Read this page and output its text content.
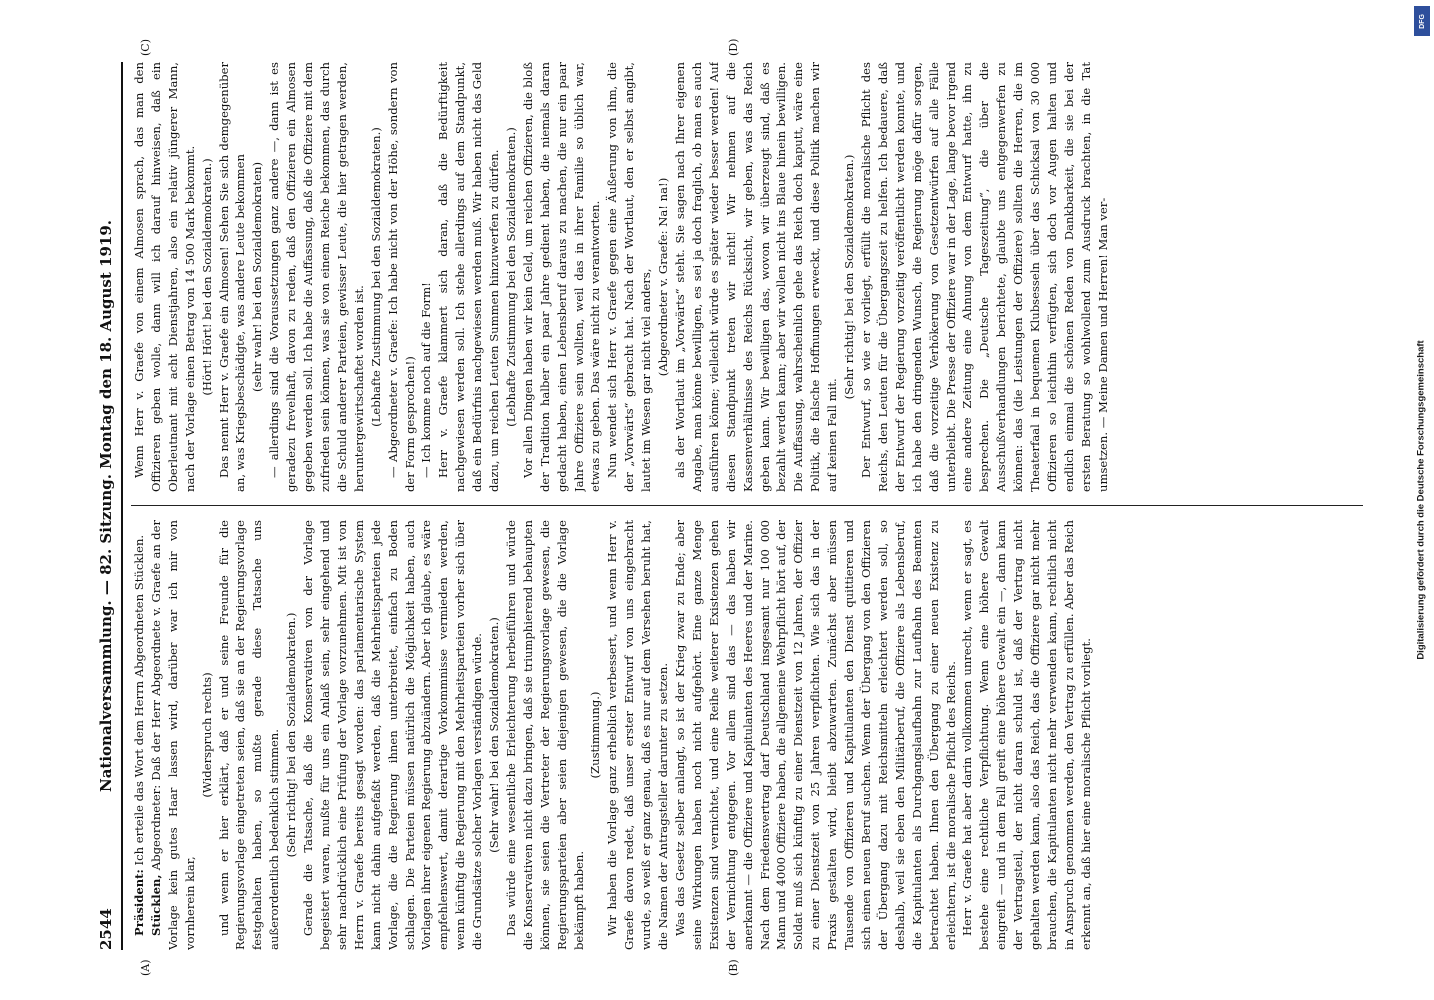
2544
Nationalversammlung. — 82. Sitzung. Montag den 18. August 1919.
(A)	(B)
(C)	(D)

Präsident: Ich erteile das Wort dem Herrn Abgeordneten Stücklen.

Stücklen, Abgeordneter: Daß der Herr Abgeordnete v. Graefe an der Vorlage kein gutes Haar lassen wird, darüber war ich mir von vornherein klar,

(Widerspruch rechts) und wenn er hier erklärt, daß er und seine Freunde für die Regierungsvorlage eingetreten seien, daß sie an der Regierungsvorlage festgehalten haben, so mußte gerade diese Tatsache uns außerordentlich bedenklich stimmen. (Sehr richtig! bei den Sozialdemokraten.) Gerade die Tatsache, daß die Konservativen von der Vorlage begeistert waren, mußte für uns ein Anlaß sein, sehr eingehend und sehr nachdrücklich eine Prüfung der Vorlage vorzunehmen. Mit ist von Herrn v. Graefe bereits gesagt worden: das parlamentarische System kann nicht dahin aufgefaßt werden, daß die Mehrheitsparteien jede Vorlage, die die Regierung ihnen unterbreitet, einfach zu Boden schlagen. Die Parteien müssen natürlich die Möglichkeit haben, auch Vorlagen ihrer eigenen Regierung abzuändern. Aber ich glaube, es wäre empfehlenswert, damit derartige Vorkommnisse vermieden werden, wenn künftig die Regierung mit den Mehrheitsparteien vorher sich über die Grundsätze solcher Vorlagen verständigen würde. (Sehr wahr! bei den Sozialdemokraten.) Das würde eine wesentliche Erleichterung herbeiführen und würde die Konservativen nicht dazu bringen, daß sie triumphierend behaupten können, sie seien die Vertreter der Regierungsvorlage gewesen, die Regierungsparteien aber seien diejenigen gewesen, die die Vorlage bekämpft haben.

(Zustimmung.) Wir haben die Vorlage ganz erheblich verbessert, und wenn Herr v. Graefe davon redet, daß unser erster Entwurf von uns eingebracht wurde, so weiß er ganz genau, daß es nur auf dem Versehen beruht hat, die Namen der Antragsteller darunter zu setzen. Was das Gesetz selber anlangt, so ist der Krieg zwar zu Ende; aber seine Wirkungen haben noch nicht aufgehört. Eine ganze Menge Existenzen sind vernichtet, und eine Reihe weiterer Existenzen gehen der Vernichtung entgegen. Vor allem sind das — das haben wir anerkannt — die Offiziere und Kapitulanten des Heeres und der Marine. Nach dem Friedensvertrag darf Deutschland insgesamt nur 100 000 Mann und 4000 Offiziere haben, die allgemeine Wehrpflicht hört auf, der Soldat muß sich künftig zu einer Dienstzeit von 12 Jahren, der Offizier zu einer Dienstzeit von 25 Jahren verpflichten. Wie sich das in der Praxis gestalten wird, bleibt abzuwarten. Zunächst aber müssen Tausende von Offizieren und Kapitulanten den Dienst quittieren und sich einen neuen Beruf suchen. Wenn der Übergang von den Offizieren der Übergang dazu mit Reichsmitteln erleichtert werden soll, so deshalb, weil sie eben den Militärberuf, die Offiziere als Lebensberuf, die Kapitulanten als Durchgangslaufbahn zur Laufbahn des Beamten betrachtet haben. Ihnen den Übergang zu einer neuen Existenz zu erleichtern, ist die moralische Pflicht des Reichs. Herr v. Graefe hat aber darin vollkommen unrecht, wenn er sagt, es bestehe eine rechtliche Verpflichtung. Wenn eine höhere Gewalt eingreift — und in dem Fall greift eine höhere Gewalt ein —, dann kann der Vertragsteil, der nicht daran schuld ist, daß der Vertrag nicht gehalten werden kann, also das Reich, das die Offiziere gar nicht mehr brauchen, die Kapitulanten nicht mehr verwenden kann, rechtlich nicht in Anspruch genommen werden, den Vertrag zu erfüllen. Aber das Reich erkennt an, daß hier eine moralische Pflicht vorliegt.

Wenn Herr v. Graefe von einem Almosen sprach, das man den Offizieren geben wolle, dann will ich darauf hinweisen, daß ein Oberleutnant mit acht Dienstjahren, also ein relativ jüngerer Mann, nach der Vorlage einen Betrag von 14 500 Mark bekommt. (Hört! Hört! bei den Sozialdemokraten.) Das nennt Herr v. Graefe ein Almosen! Sehen Sie sich demgegenüber an, was Kriegsbeschädigte, was andere Leute bekommen (sehr wahr! bei den Sozialdemokraten) — allerdings sind die Voraussetzungen ganz andere —, dann ist es geradezu frevelhaft, davon zu reden, daß den Offizieren ein Almosen gegeben werden soll. Ich habe die Auffassung, daß die Offiziere mit dem zufrieden sein können, was sie von einem Reiche bekommen, das durch die Schuld anderer Parteien, gewisser Leute, die hier getragen werden, heruntergewirtschaftet worden ist. (Lebhafte Zustimmung bei den Sozialdemokraten.) — Abgeordneter v. Graefe: Ich habe nicht von der Höhe, sondern von der Form gesprochen!) — Ich komme noch auf die Form! Herr v. Graefe klammert sich daran, daß die Bedürftigkeit nachgewiesen werden soll. Ich stehe allerdings auf dem Standpunkt, daß ein Bedürfnis nachgewiesen werden muß. Wir haben nicht das Geld dazu, um reichen Leuten Summen hinzuwerfen zu dürfen. (Lebhafte Zustimmung bei den Sozialdemokraten.) Vor allen Dingen haben wir kein Geld, um reichen Offizieren, die bloß der Tradition halber ein paar Jahre gedient haben, die niemals daran gedacht haben, einen Lebensberuf daraus zu machen, die nur ein paar Jahre Offiziere sein wollten, weil das in ihrer Familie so üblich war, etwas zu geben. Das wäre nicht zu verantworten. Nun wendet sich Herr v. Graefe gegen eine Äußerung von ihm, die der „Vorwärts“ gebracht hat. Nach der Wortlaut, den er selbst angibt, lautet im Wesen gar nicht viel anders, (Abgeordneter v. Graefe: Na! na!) als der Wortlaut im „Vorwärts“ steht. Sie sagen nach Ihrer eigenen Angabe, man könne bewilligen, es sei ja doch fraglich, ob man es auch ausführen könne; vielleicht würde es später wieder besser werden! Auf diesen Standpunkt treten wir nicht! Wir nehmen auf die Kassenverhältnisse des Reichs Rücksicht, wir geben, was das Reich geben kann. Wir bewilligen das, wovon wir überzeugt sind, daß es bezahlt werden kann; aber wir wollen nicht ins Blaue hinein bewilligen. Die Auffassung, wahrscheinlich gehe das Reich doch kaputt, wäre eine Politik, die falsche Hoffnungen erweckt, und diese Politik machen wir auf keinen Fall mit.

(Sehr richtig! bei den Sozialdemokraten.) Der Entwurf, so wie er vorliegt, erfüllt die moralische Pflicht des Reichs, den Leuten für die Übergangszeit zu helfen. Ich bedauere, daß der Entwurf der Regierung vorzeitig veröffentlicht werden konnte, und ich habe den dringenden Wunsch, die Regierung möge dafür sorgen, daß die vorzeitige Verhökerung von Gesetzentwürfen auf alle Fälle unterbleibt. Die Presse der Offiziere war in der Lage, lange bevor irgend eine andere Zeitung eine Ahnung von dem Entwurf hatte, ihn zu besprechen. Die „Deutsche Tageszeitung“, die über die Ausschußverhandlungen berichtete, glaubte uns entgegenwerfen zu können: das (die Leistungen der Offiziere) sollten die Herren, die im Theaterfaal in bequemen Klubsesseln über das Schicksal von 30 000 Offizieren so leichthin verfügten, sich doch vor Augen halten und endlich einmal die schönen Reden von Dankbarkeit, die sie bei der ersten Beratung so wohlwollend zum Ausdruck brachten, in die Tat umsetzen. — Meine Damen und Herren! Man ver-

DFG
Digitalisierung gefördert durch die Deutsche Forschungsgemeinschaft
